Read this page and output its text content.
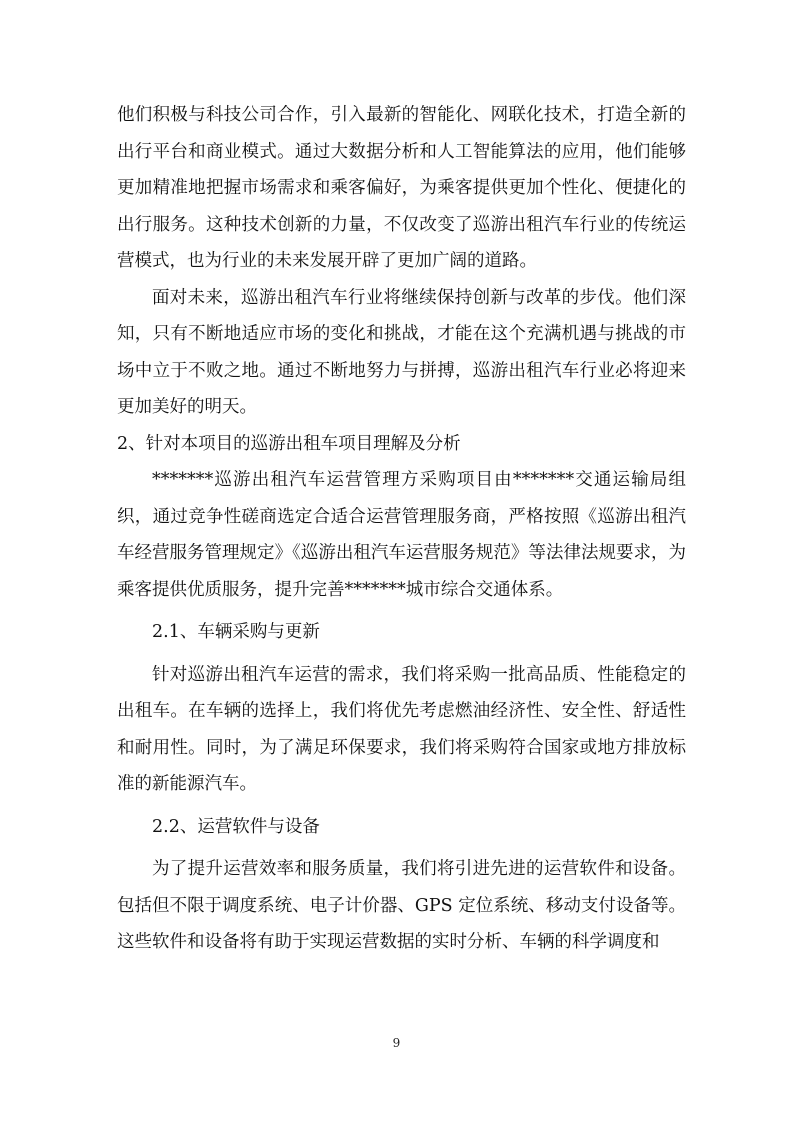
他们积极与科技公司合作，引入最新的智能化、网联化技术，打造全新的出行平台和商业模式。通过大数据分析和人工智能算法的应用，他们能够更加精准地把握市场需求和乘客偏好，为乘客提供更加个性化、便捷化的出行服务。这种技术创新的力量，不仅改变了巡游出租汽车行业的传统运营模式，也为行业的未来发展开辟了更加广阔的道路。

面对未来，巡游出租汽车行业将继续保持创新与改革的步伐。他们深知，只有不断地适应市场的变化和挑战，才能在这个充满机遇与挑战的市场中立于不败之地。通过不断地努力与拼搏，巡游出租汽车行业必将迎来更加美好的明天。

2、针对本项目的巡游出租车项目理解及分析

*******巡游出租汽车运营管理方采购项目由*******交通运输局组织，通过竞争性磋商选定合适合运营管理服务商，严格按照《巡游出租汽车经营服务管理规定》《巡游出租汽车运营服务规范》等法律法规要求，为乘客提供优质服务，提升完善*******城市综合交通体系。

2.1、车辆采购与更新

针对巡游出租汽车运营的需求，我们将采购一批高品质、性能稳定的出租车。在车辆的选择上，我们将优先考虑燃油经济性、安全性、舒适性和耐用性。同时，为了满足环保要求，我们将采购符合国家或地方排放标准的新能源汽车。

2.2、运营软件与设备

为了提升运营效率和服务质量，我们将引进先进的运营软件和设备。包括但不限于调度系统、电子计价器、GPS 定位系统、移动支付设备等。这些软件和设备将有助于实现运营数据的实时分析、车辆的科学调度和

9
